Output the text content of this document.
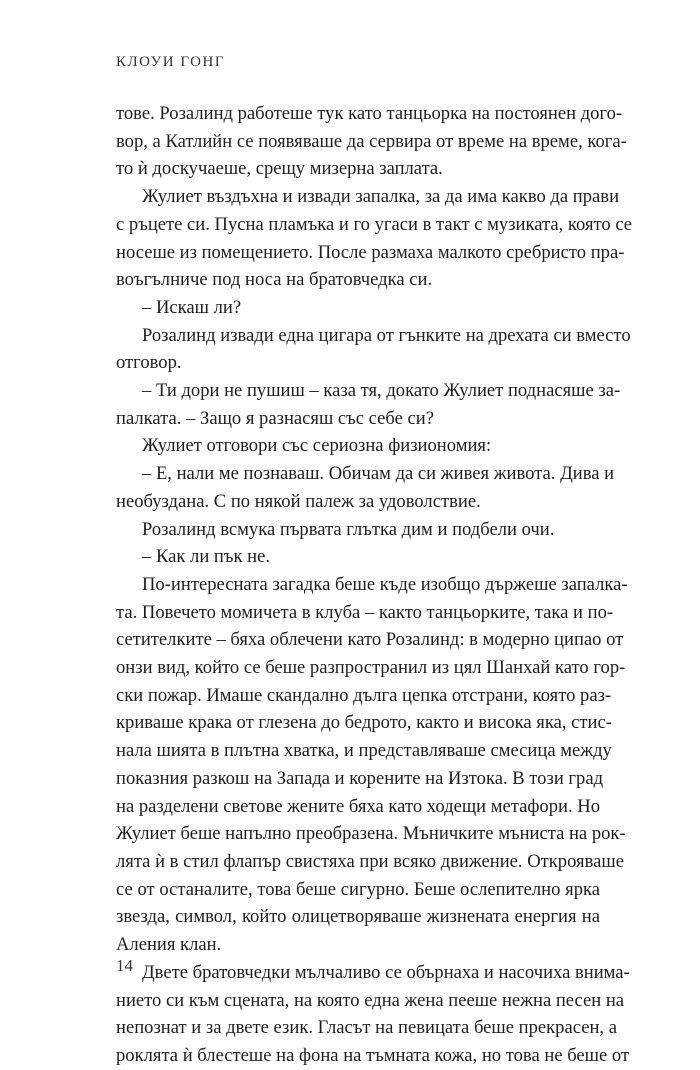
КЛОУИ ГОНГ
тове. Розалинд работеше тук като танцьорка на постоянен дого-
вор, а Катлийн се появяваше да сервира от време на време, кога-
то ѝ доскучаеше, срещу мизерна заплата.
Жулиет въздъхна и извади запалка, за да има какво да прави
с ръцете си. Пусна пламъка и го угаси в такт с музиката, която се
носеше из помещението. После размаха малкото сребристо пра-
воъгълниче под носа на братовчедка си.
– Искаш ли?
Розалинд извади една цигара от гънките на дрехата си вместо
отговор.
– Ти дори не пушиш – каза тя, докато Жулиет поднасяше за-
палката. – Защо я разнасяш със себе си?
Жулиет отговори със сериозна физиономия:
– Е, нали ме познаваш. Обичам да си живея живота. Дива и
необуздана. С по някой палеж за удоволствие.
Розалинд всмука първата глътка дим и подбели очи.
– Как ли пък не.
По-интересната загадка беше къде изобщо държеше запалка-
та. Повечето момичета в клуба – както танцьорките, така и по-
сетителките – бяха облечени като Розалинд: в модерно ципао от
онзи вид, който се беше разпространил из цял Шанхай като гор-
ски пожар. Имаше скандално дълга цепка отстрани, която раз-
криваше крака от глезена до бедрото, както и висока яка, стис-
нала шията в плътна хватка, и представляваше смесица между
показния разкош на Запада и корените на Изтока. В този град
на разделени светове жените бяха като ходещи метафори. Но
Жулиет беше напълно преобразена. Мъничките мъниста на рок-
лята ѝ в стил флапър свистяха при всяко движение. Открояваше
се от останалите, това беше сигурно. Беше ослепително ярка
звезда, символ, който олицетворяваше жизнената енергия на
Аления клан.
Двете братовчедки мълчаливо се обърнаха и насочиха внима-
нието си към сцената, на която една жена пееше нежна песен на
непознат и за двете език. Гласът на певицата беше прекрасен, а
роклята ѝ блестеше на фона на тъмната кожа, но това не беше от
14
